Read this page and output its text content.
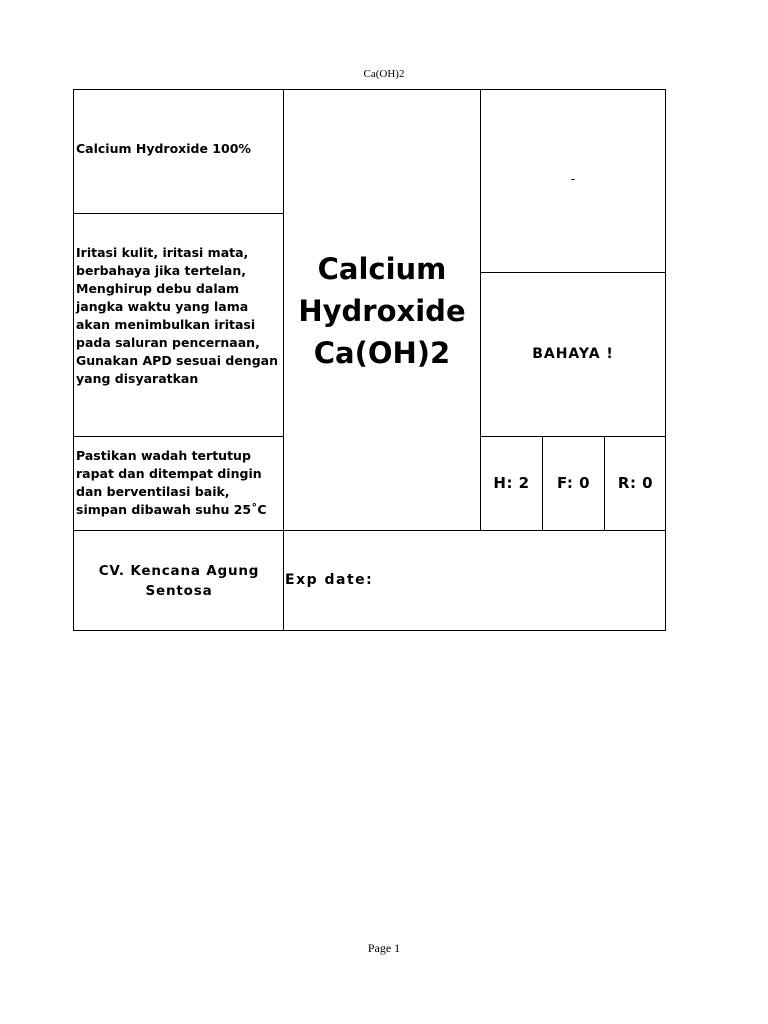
Ca(OH)2
Calcium Hydroxide 100%
Iritasi kulit, iritasi mata, berbahaya jika tertelan, Menghirup debu dalam jangka waktu yang lama akan menimbulkan iritasi pada saluran pencernaan, Gunakan APD sesuai dengan yang disyaratkan
Pastikan wadah tertutup rapat dan ditempat dingin dan berventilasi baik, simpan dibawah suhu 25˚C
Calcium
Hydroxide
Ca(OH)2
-
BAHAYA !
H: 2	F: 0	R: 0
CV. Kencana Agung Sentosa
Exp date:
Page 1
